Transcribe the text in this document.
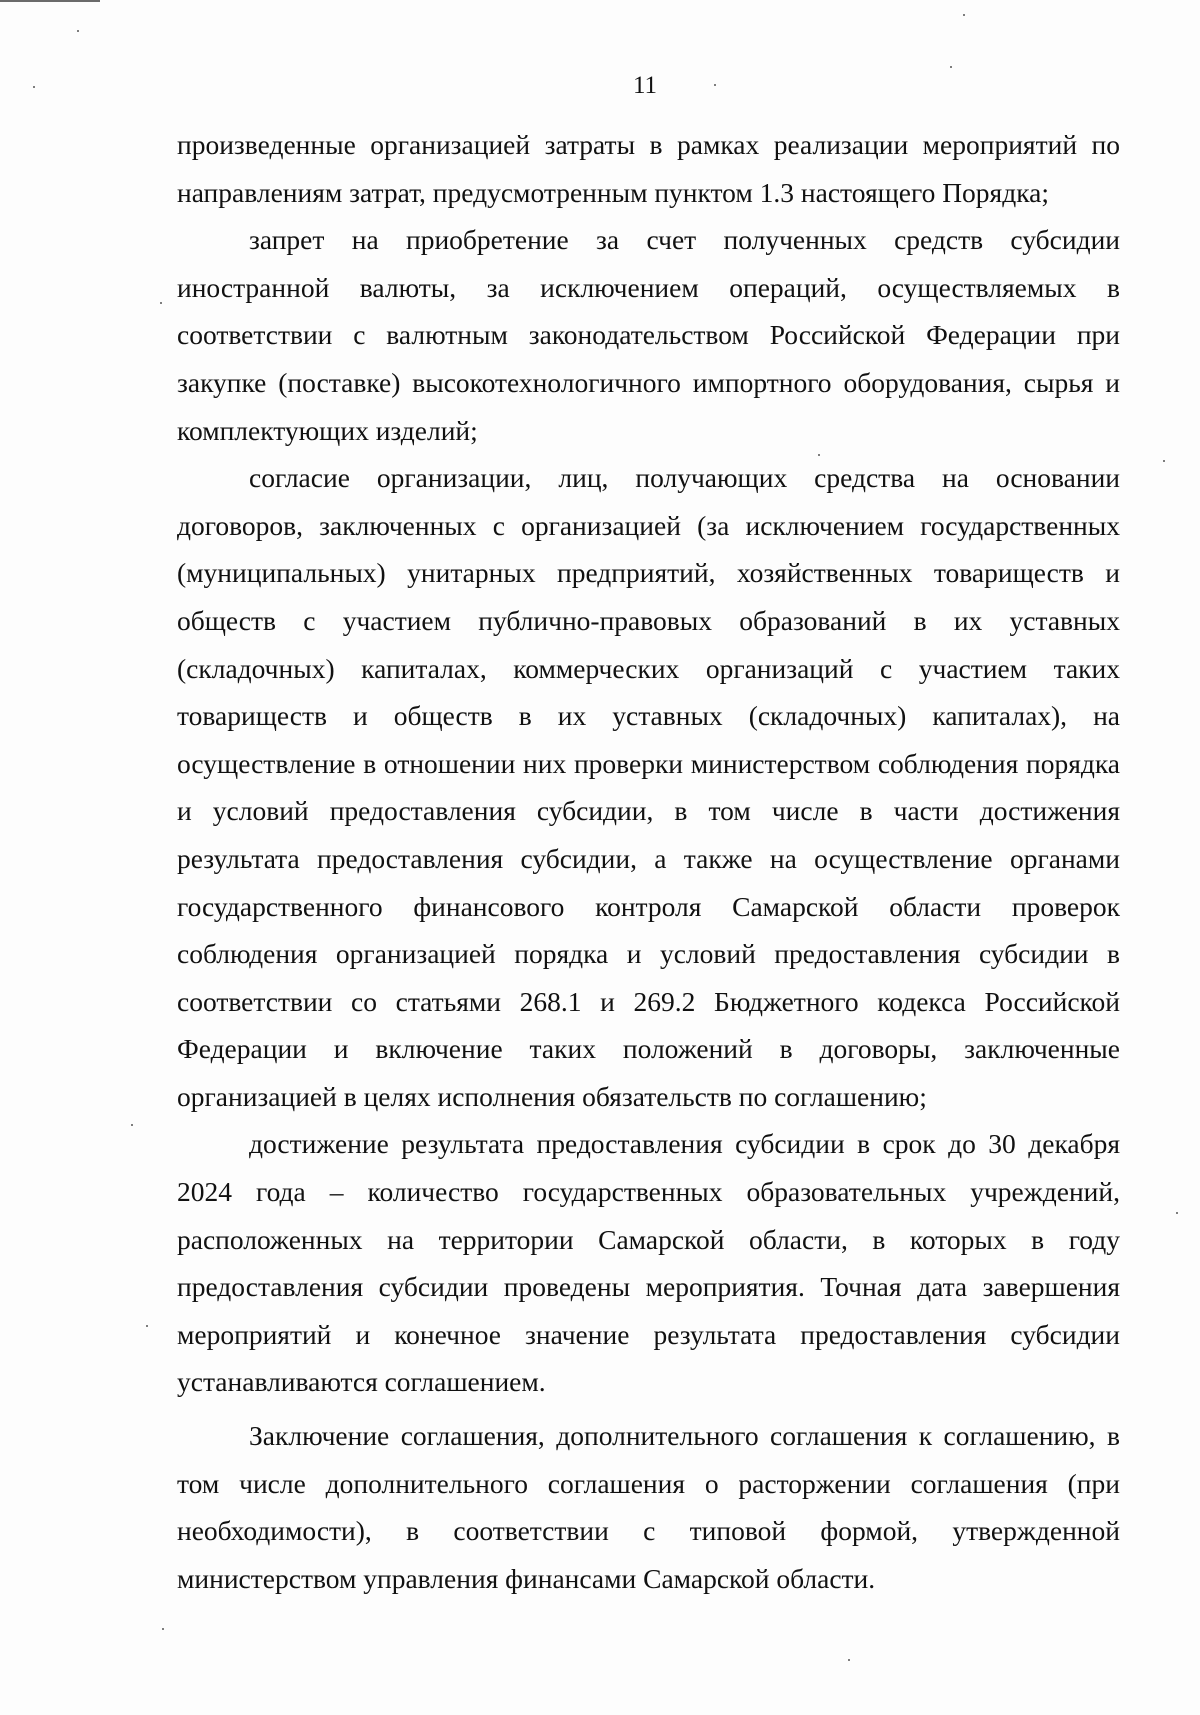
11

произведенные организацией затраты в рамках реализации мероприятий по направлениям затрат, предусмотренным пунктом 1.3 настоящего Порядка;

запрет на приобретение за счет полученных средств субсидии иностранной валюты, за исключением операций, осуществляемых в соответствии с валютным законодательством Российской Федерации при закупке (поставке) высокотехнологичного импортного оборудования, сырья и комплектующих изделий;

согласие организации, лиц, получающих средства на основании договоров, заключенных с организацией (за исключением государственных (муниципальных) унитарных предприятий, хозяйственных товариществ и обществ с участием публично-правовых образований в их уставных (складочных) капиталах, коммерческих организаций с участием таких товариществ и обществ в их уставных (складочных) капиталах), на осуществление в отношении них проверки министерством соблюдения порядка и условий предоставления субсидии, в том числе в части достижения результата предоставления субсидии, а также на осуществление органами государственного финансового контроля Самарской области проверок соблюдения организацией порядка и условий предоставления субсидии в соответствии со статьями 268.1 и 269.2 Бюджетного кодекса Российской Федерации и включение таких положений в договоры, заключенные организацией в целях исполнения обязательств по соглашению;

достижение результата предоставления субсидии в срок до 30 декабря 2024 года – количество государственных образовательных учреждений, расположенных на территории Самарской области, в которых в году предоставления субсидии проведены мероприятия. Точная дата завершения мероприятий и конечное значение результата предоставления субсидии устанавливаются соглашением.

Заключение соглашения, дополнительного соглашения к соглашению, в том числе дополнительного соглашения о расторжении соглашения (при необходимости), в соответствии с типовой формой, утвержденной министерством управления финансами Самарской области.
